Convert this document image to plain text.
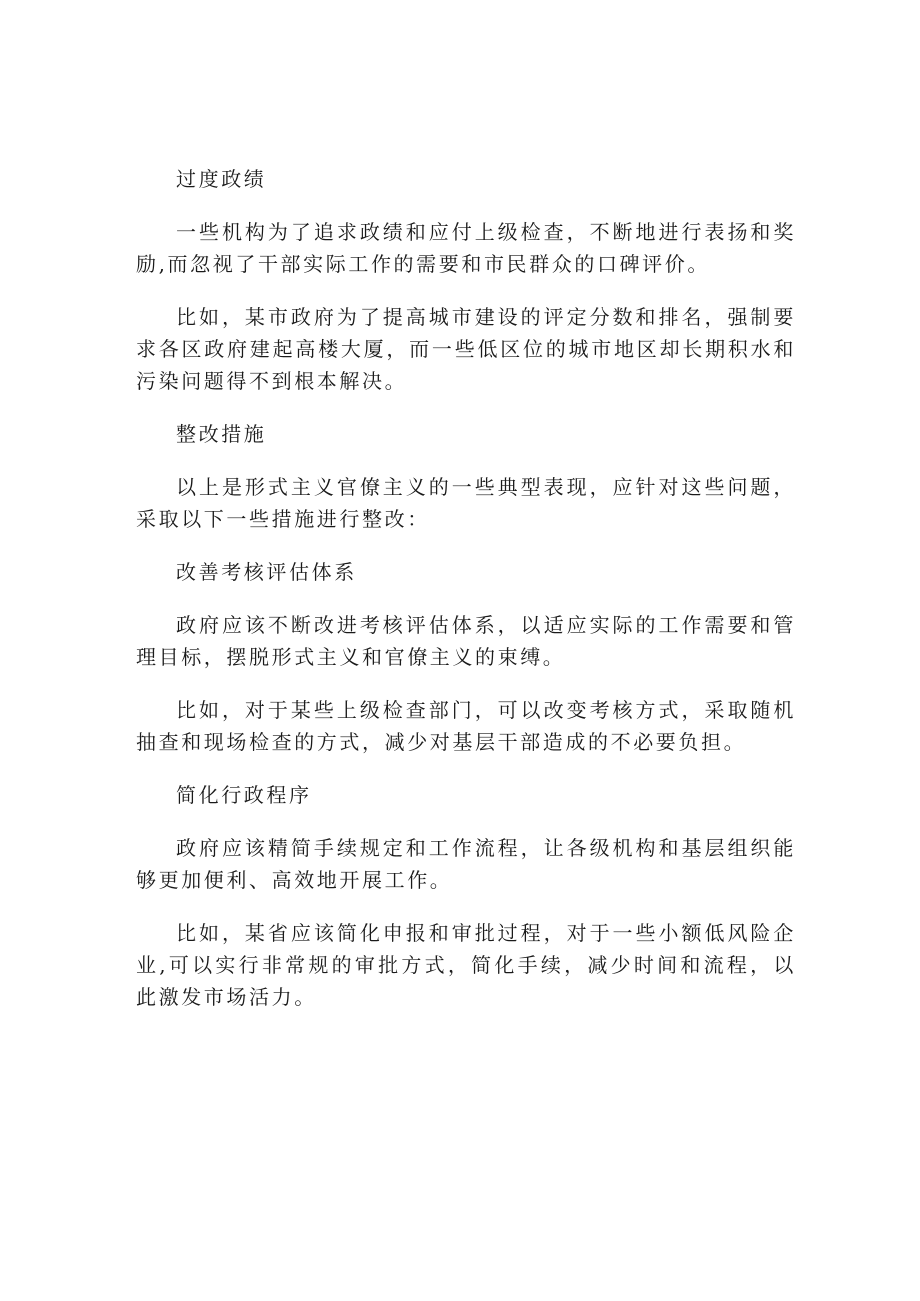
过度政绩
一些机构为了追求政绩和应付上级检查，不断地进行表扬和奖励,而忽视了干部实际工作的需要和市民群众的口碑评价。
比如，某市政府为了提高城市建设的评定分数和排名，强制要求各区政府建起高楼大厦，而一些低区位的城市地区却长期积水和污染问题得不到根本解决。
整改措施
以上是形式主义官僚主义的一些典型表现，应针对这些问题，采取以下一些措施进行整改：
改善考核评估体系
政府应该不断改进考核评估体系，以适应实际的工作需要和管理目标，摆脱形式主义和官僚主义的束缚。
比如，对于某些上级检查部门，可以改变考核方式，采取随机抽查和现场检查的方式，减少对基层干部造成的不必要负担。
简化行政程序
政府应该精简手续规定和工作流程，让各级机构和基层组织能够更加便利、高效地开展工作。
比如，某省应该简化申报和审批过程，对于一些小额低风险企业,可以实行非常规的审批方式，简化手续，减少时间和流程，以此激发市场活力。
